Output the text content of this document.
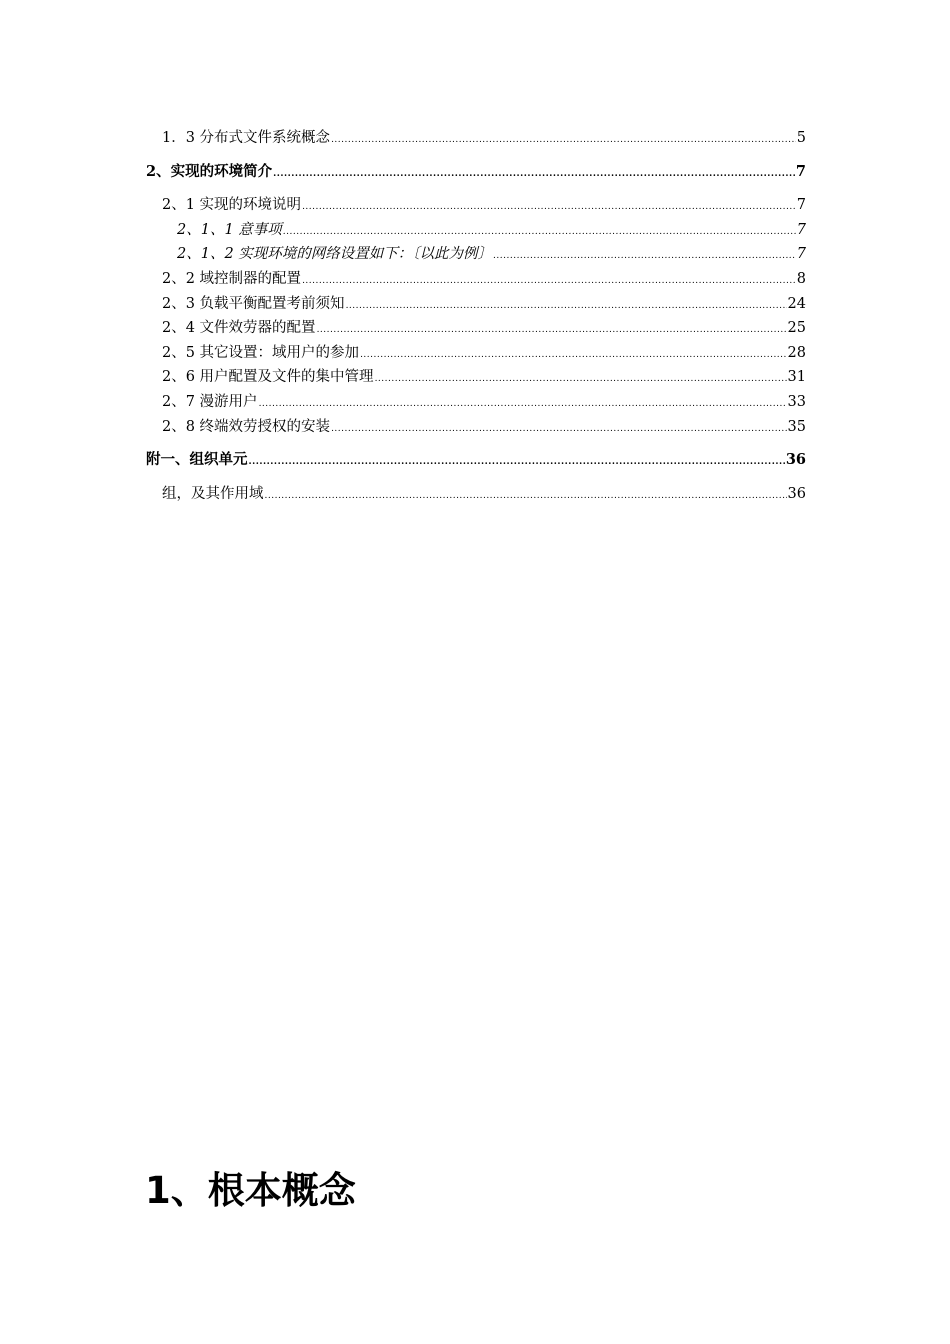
1．3 分布式文件系统概念 .....	5
2、实现的环境简介 .....	7
2、1 实现的环境说明 .....	7
2、1、1 意事项 .....	7
2、1、2 实现环境的网络设置如下：〔以此为例〕 .....	7
2、2 域控制器的配置 .....	8
2、3 负载平衡配置考前须知 .....	24
2、4 文件效劳器的配置 .....	25
2、5 其它设置：域用户的参加 .....	28
2、6 用户配置及文件的集中管理 .....	31
2、7 漫游用户 .....	33
2、8 终端效劳授权的安装 .....	35
附一、组织单元 .....	36
组，及其作用域 .....	36
1、根本概念
